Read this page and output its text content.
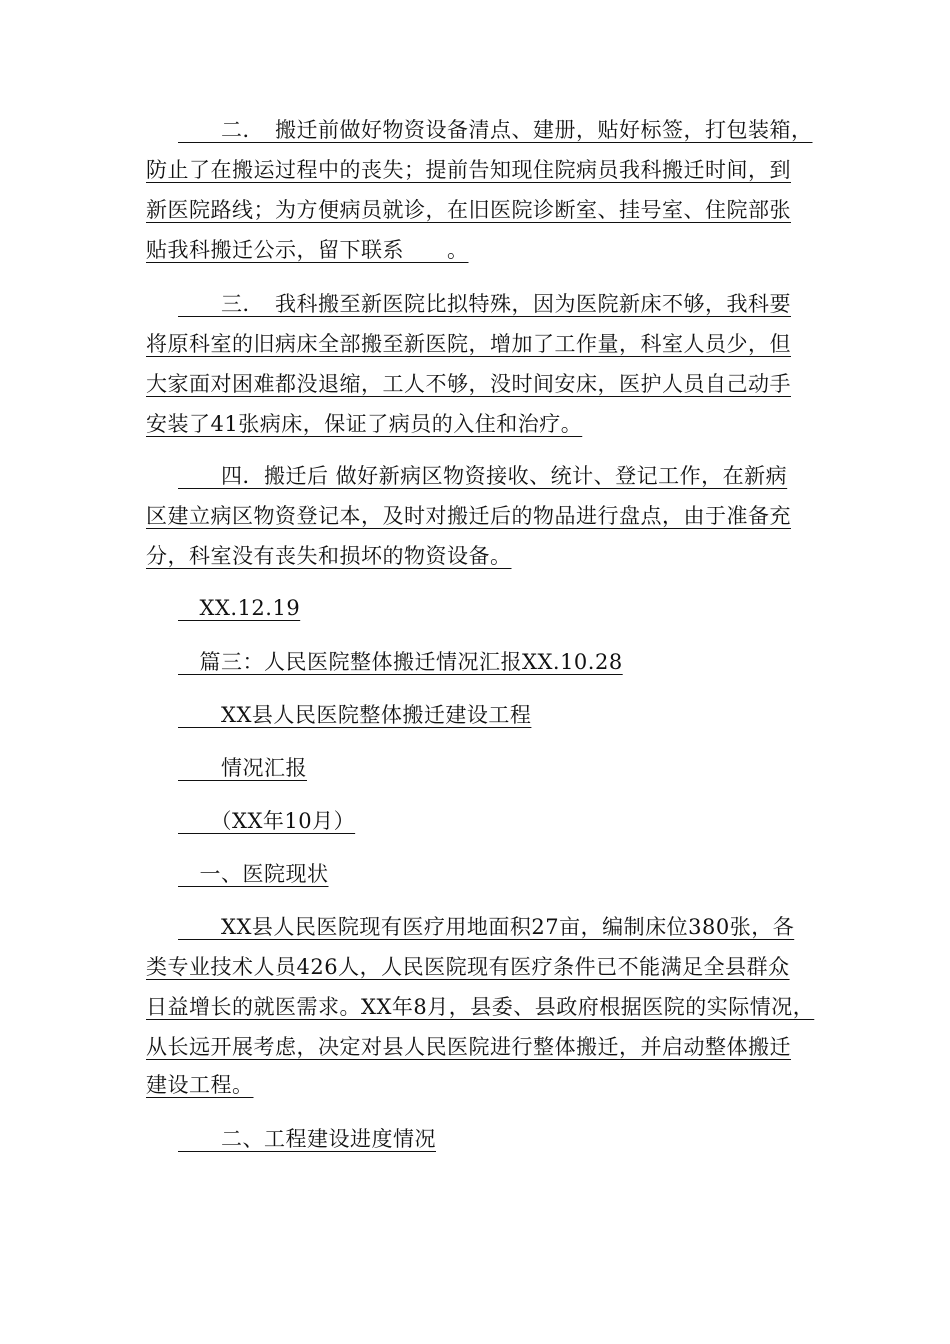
　　二．　搬迁前做好物资设备清点、建册，贴好标签，打包装箱，
防止了在搬运过程中的丧失；提前告知现住院病员我科搬迁时间，到
新医院路线；为方便病员就诊，在旧医院诊断室、挂号室、住院部张
贴我科搬迁公示，留下联系　　。
　　三．　我科搬至新医院比拟特殊，因为医院新床不够，我科要
将原科室的旧病床全部搬至新医院，增加了工作量，科室人员少，但
大家面对困难都没退缩，工人不够，没时间安床，医护人员自己动手
安装了41张病床，保证了病员的入住和治疗。
　　四．搬迁后 做好新病区物资接收、统计、登记工作，在新病
区建立病区物资登记本，及时对搬迁后的物品进行盘点，由于准备充
分，科室没有丧失和损坏的物资设备。
　XX.12.19
　篇三：人民医院整体搬迁情况汇报XX.10.28
　　XX县人民医院整体搬迁建设工程
　　情况汇报
　　（XX年10月）
　一、医院现状
　　XX县人民医院现有医疗用地面积27亩，编制床位380张，各
类专业技术人员426人，人民医院现有医疗条件已不能满足全县群众
日益增长的就医需求。XX年8月，县委、县政府根据医院的实际情况，
从长远开展考虑，决定对县人民医院进行整体搬迁，并启动整体搬迁
建设工程。
　　二、工程建设进度情况
